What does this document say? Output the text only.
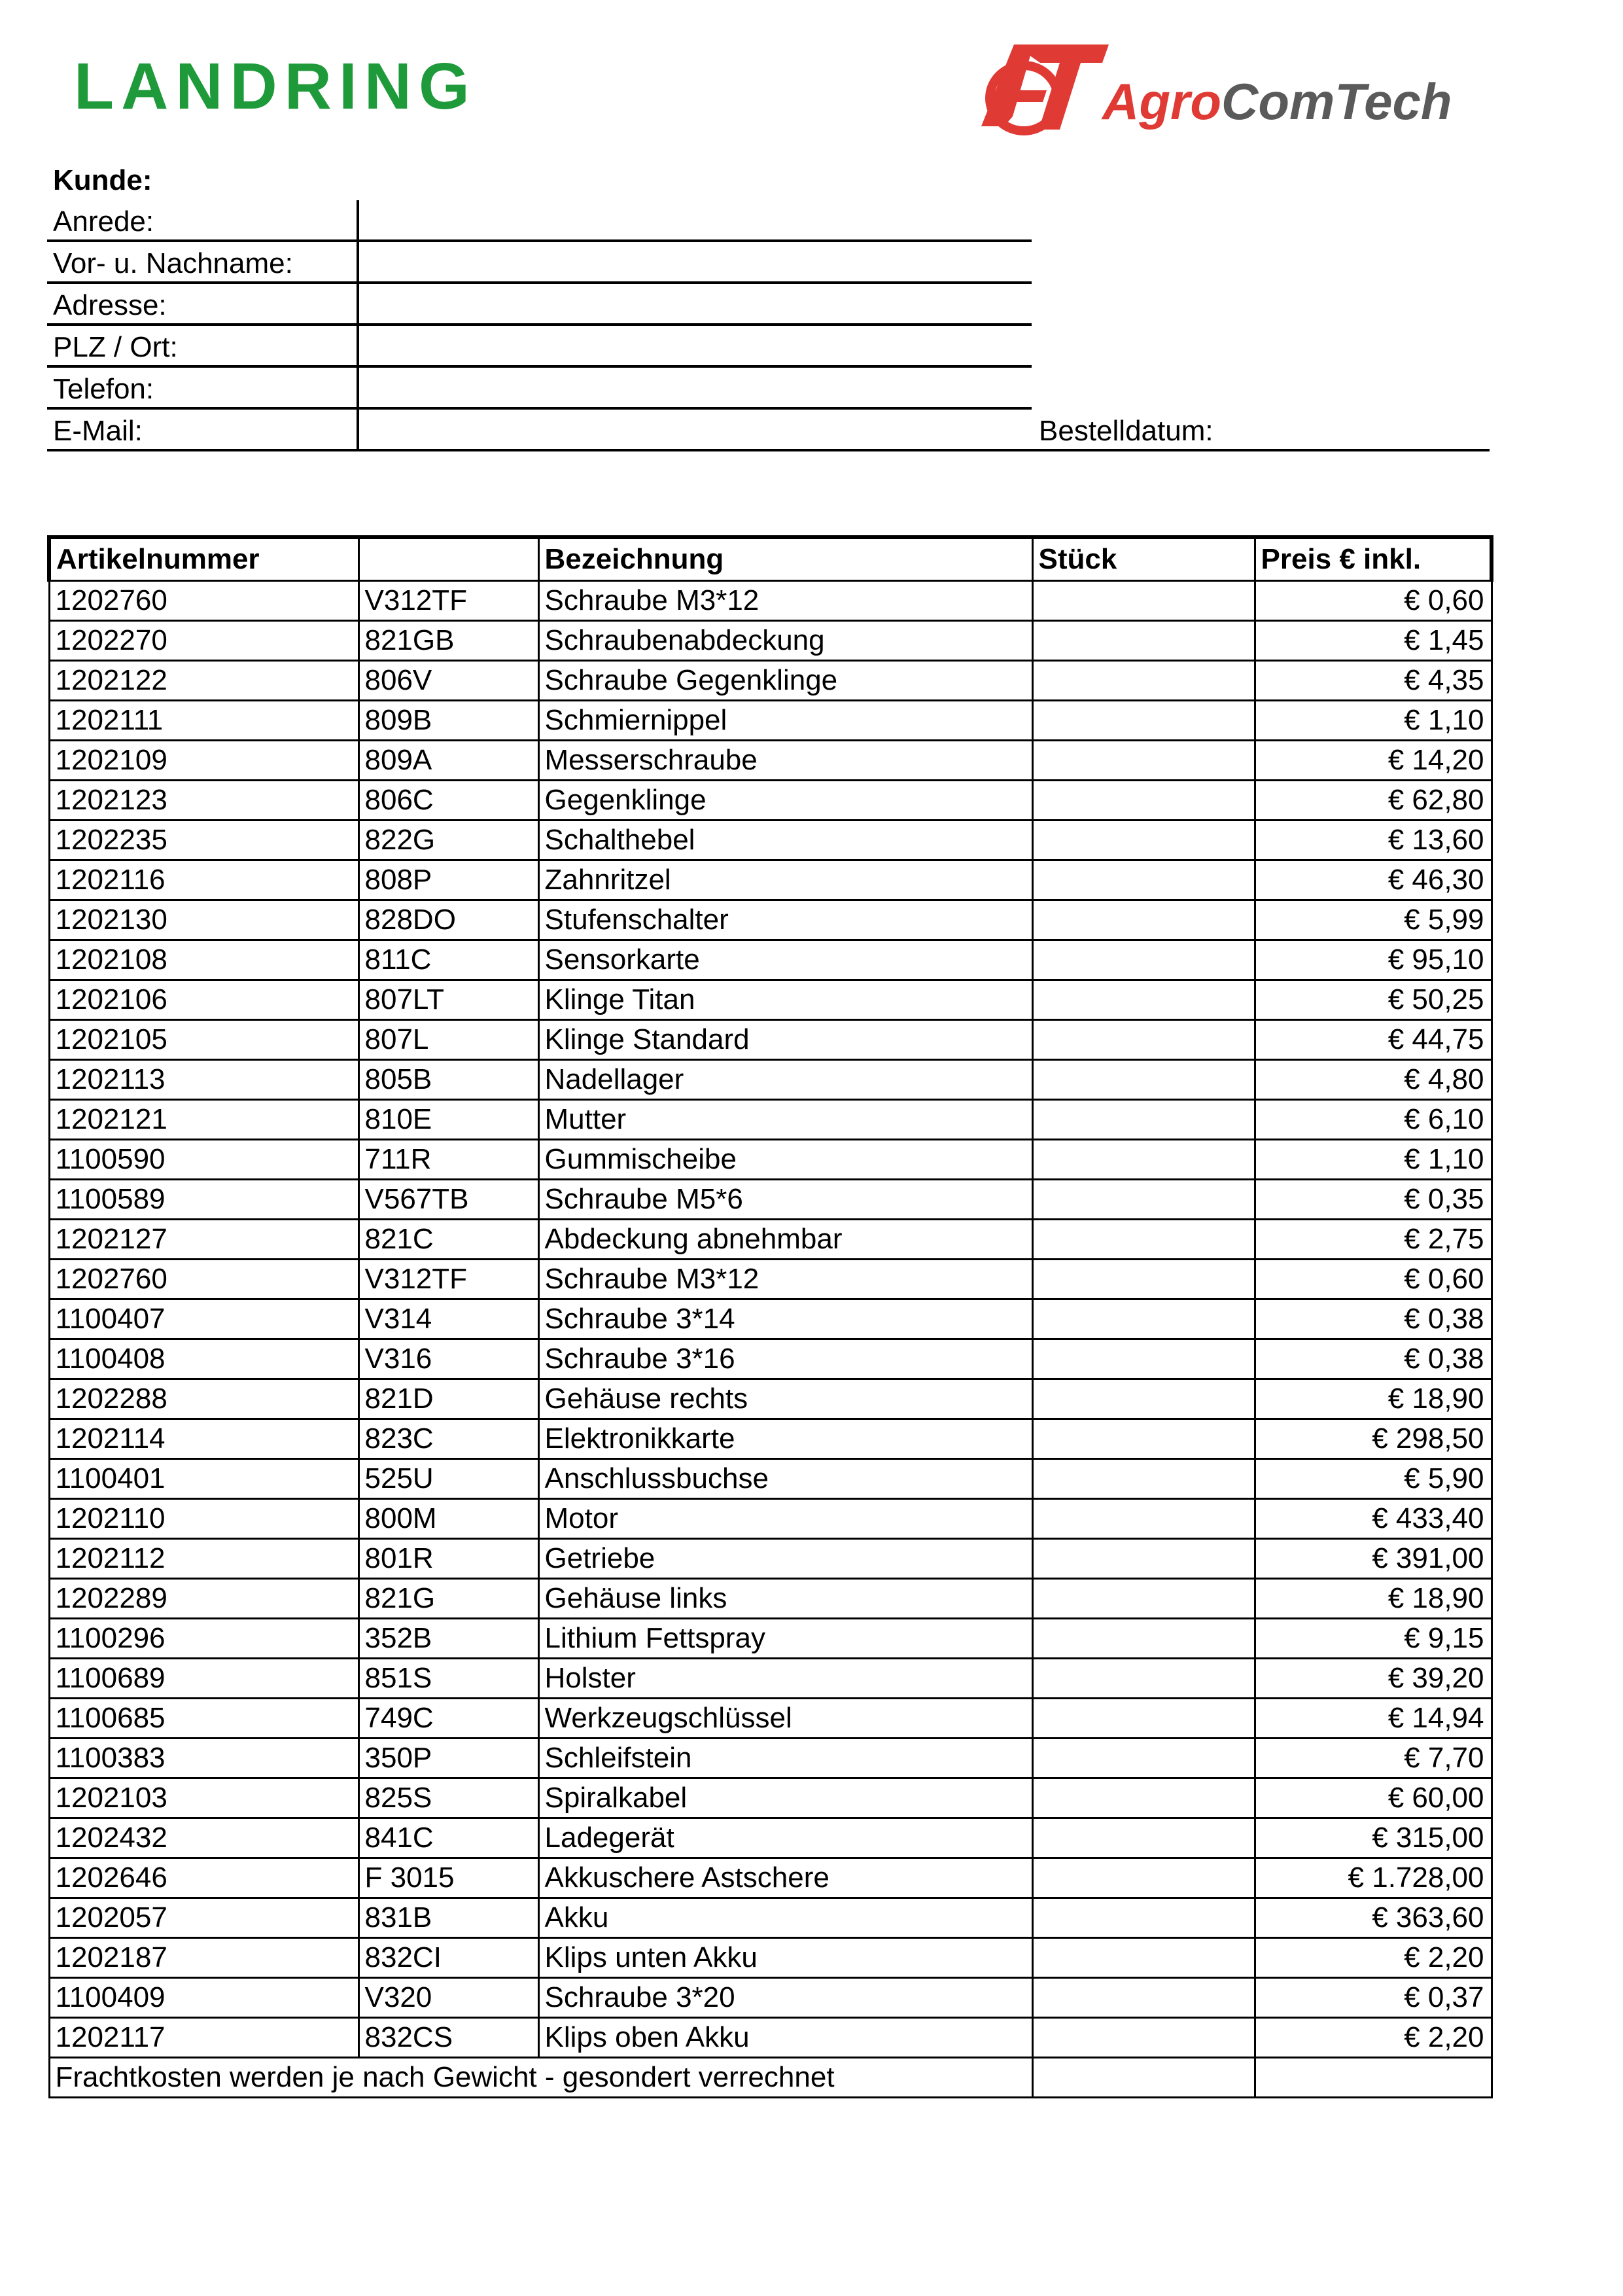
LANDRING	AgroComTech
Kunde:
Anrede:
Vor- u. Nachname:
Adresse:
PLZ / Ort:
Telefon:
E-Mail:	Bestelldatum:
Artikelnummer		Bezeichnung	Stück	Preis € inkl.
1202760	V312TF	Schraube M3*12		€ 0,60
1202270	821GB	Schraubenabdeckung		€ 1,45
1202122	806V	Schraube Gegenklinge		€ 4,35
1202111	809B	Schmiernippel		€ 1,10
1202109	809A	Messerschraube		€ 14,20
1202123	806C	Gegenklinge		€ 62,80
1202235	822G	Schalthebel		€ 13,60
1202116	808P	Zahnritzel		€ 46,30
1202130	828DO	Stufenschalter		€ 5,99
1202108	811C	Sensorkarte		€ 95,10
1202106	807LT	Klinge Titan		€ 50,25
1202105	807L	Klinge Standard		€ 44,75
1202113	805B	Nadellager		€ 4,80
1202121	810E	Mutter		€ 6,10
1100590	711R	Gummischeibe		€ 1,10
1100589	V567TB	Schraube M5*6		€ 0,35
1202127	821C	Abdeckung abnehmbar		€ 2,75
1202760	V312TF	Schraube M3*12		€ 0,60
1100407	V314	Schraube 3*14		€ 0,38
1100408	V316	Schraube 3*16		€ 0,38
1202288	821D	Gehäuse rechts		€ 18,90
1202114	823C	Elektronikkarte		€ 298,50
1100401	525U	Anschlussbuchse		€ 5,90
1202110	800M	Motor		€ 433,40
1202112	801R	Getriebe		€ 391,00
1202289	821G	Gehäuse links		€ 18,90
1100296	352B	Lithium Fettspray		€ 9,15
1100689	851S	Holster		€ 39,20
1100685	749C	Werkzeugschlüssel		€ 14,94
1100383	350P	Schleifstein		€ 7,70
1202103	825S	Spiralkabel		€ 60,00
1202432	841C	Ladegerät		€ 315,00
1202646	F 3015	Akkuschere Astschere		€ 1.728,00
1202057	831B	Akku		€ 363,60
1202187	832CI	Klips unten Akku		€ 2,20
1100409	V320	Schraube 3*20		€ 0,37
1202117	832CS	Klips oben Akku		€ 2,20
Frachtkosten werden je nach Gewicht - gesondert verrechnet				
